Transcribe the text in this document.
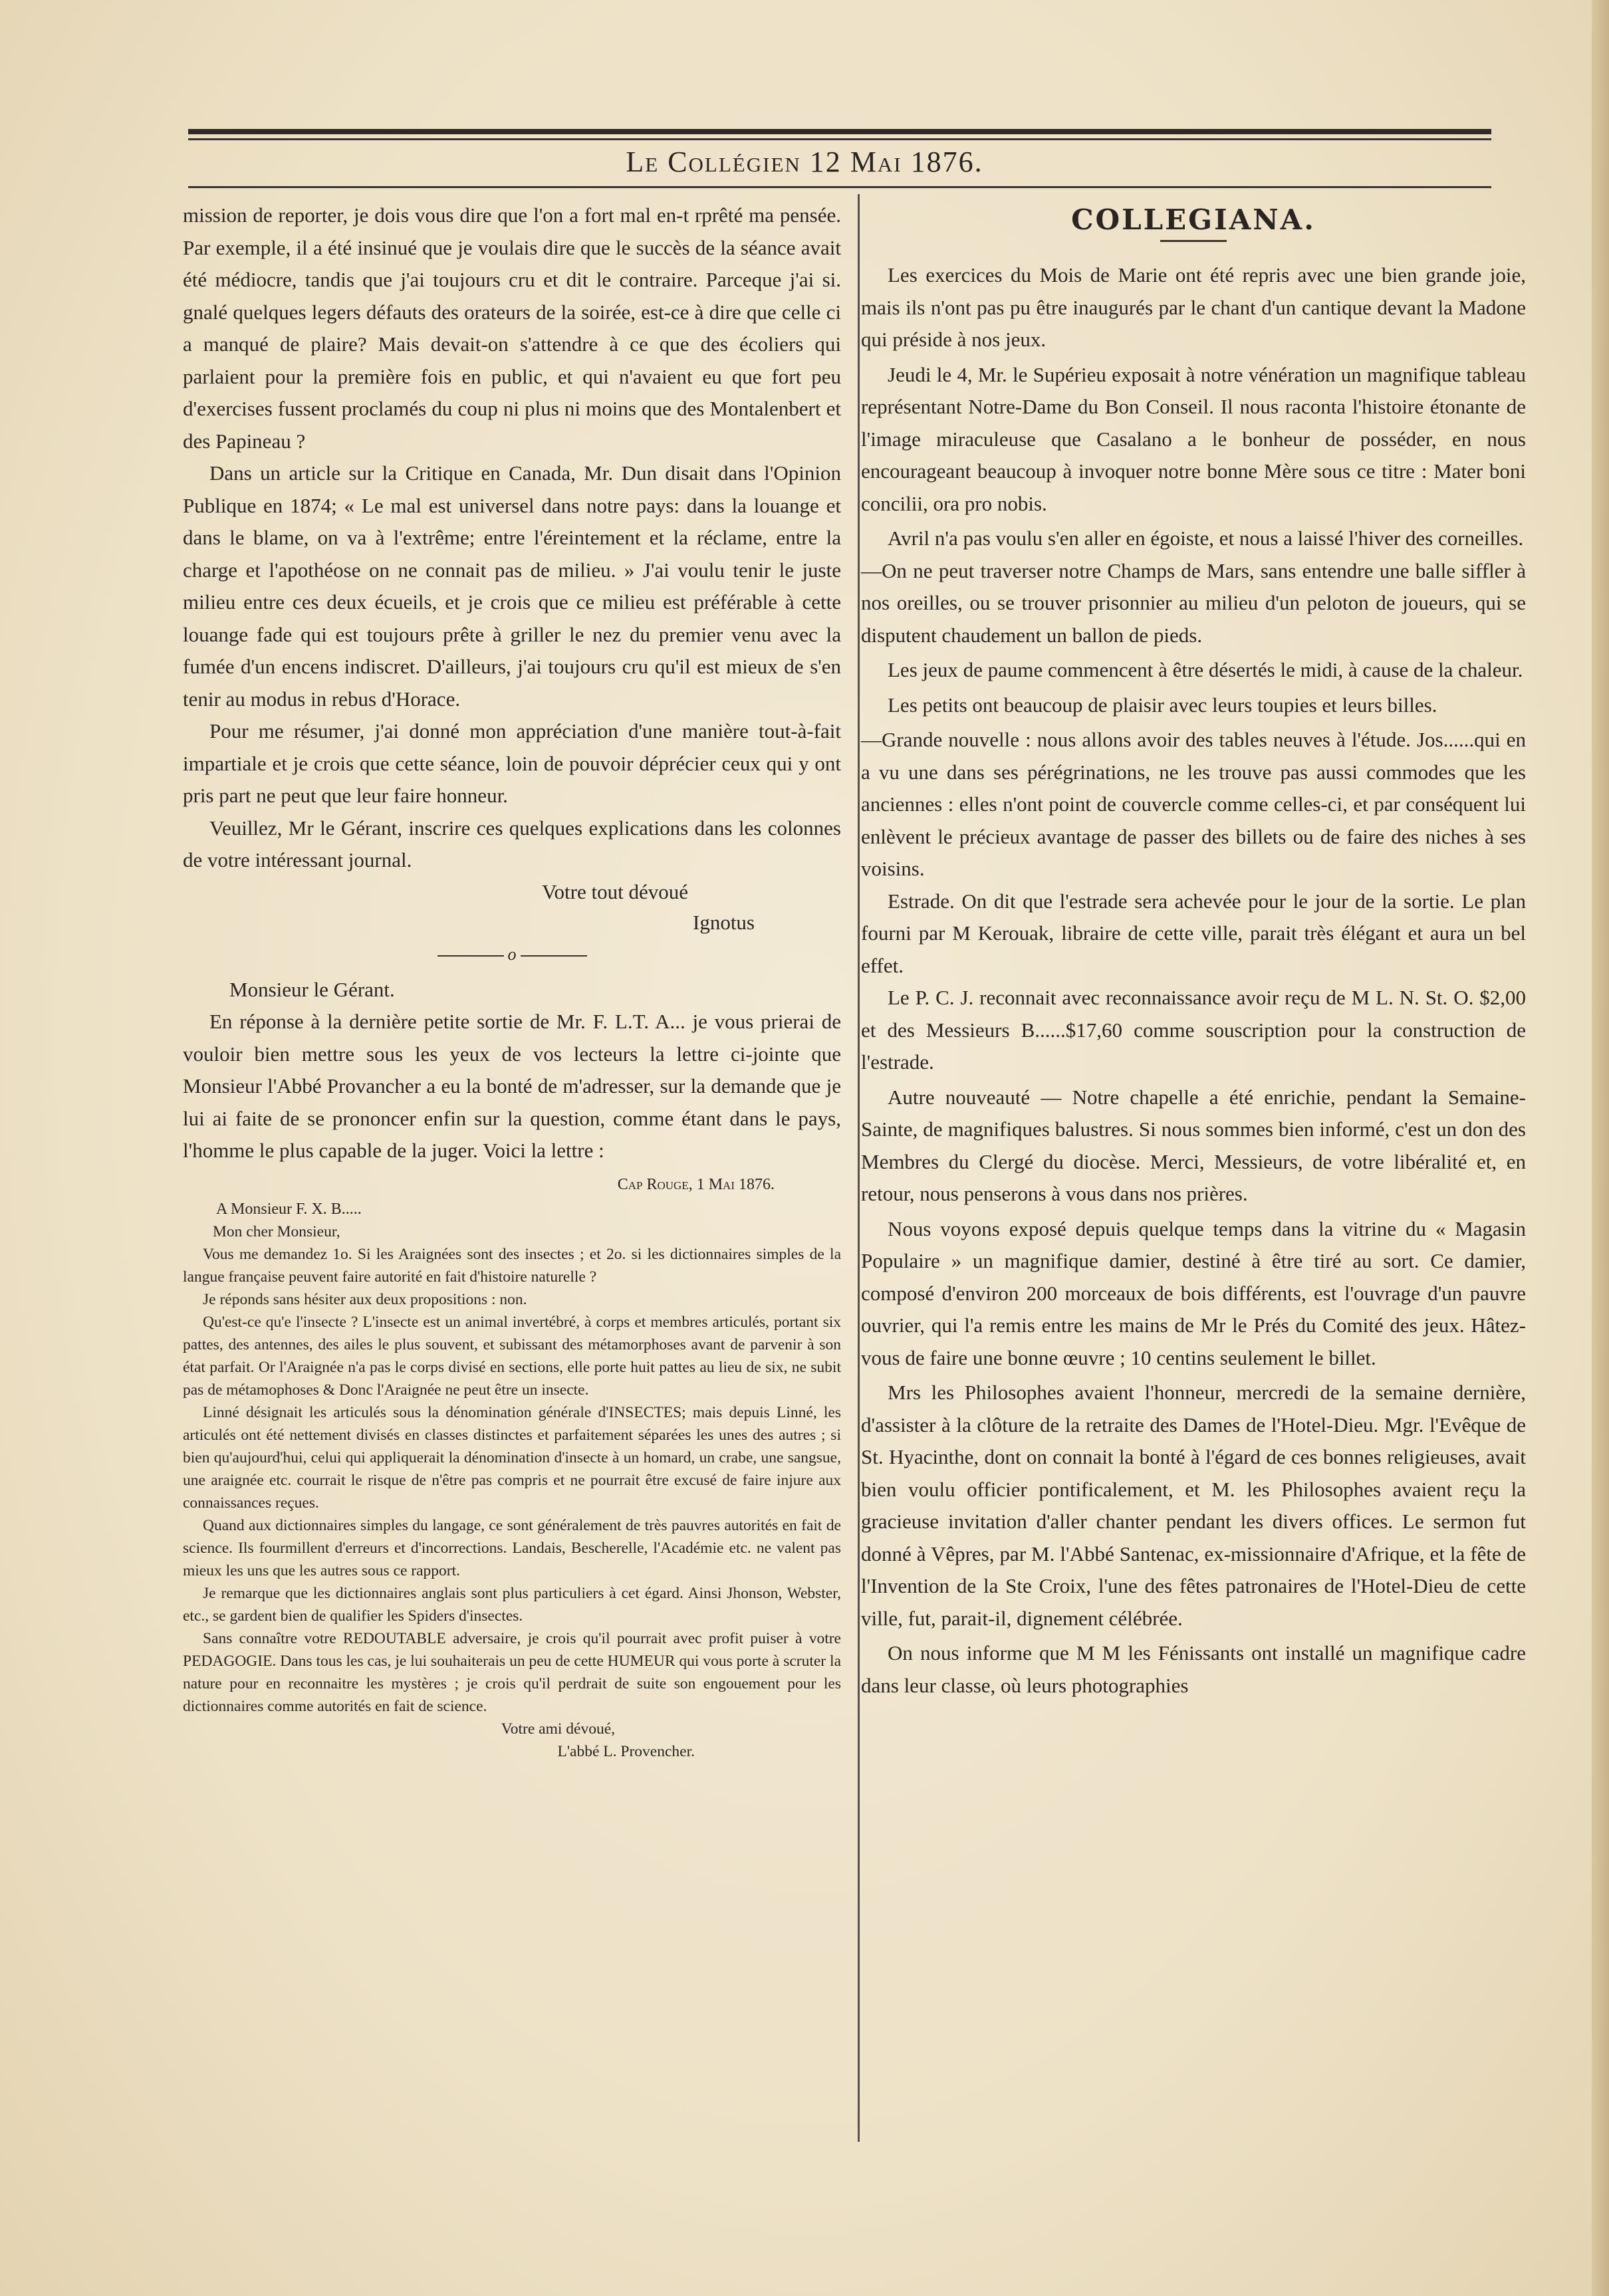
Le Collégien 12 Mai 1876.

mission de reporter, je dois vous dire que l'on a fort mal en-t rprêté ma pensée. Par exemple, il a été insinué que je voulais dire que le succès de la séance avait été médiocre, tandis que j'ai toujours cru et dit le contraire. Parceque j'ai si. gnalé quelques legers défauts des orateurs de la soirée, est-ce à dire que celle ci a manqué de plaire? Mais devait-on s'attendre à ce que des écoliers qui parlaient pour la première fois en public, et qui n'avaient eu que fort peu d'exercises fussent proclamés du coup ni plus ni moins que des Montalenbert et des Papineau ?

Dans un article sur la Critique en Canada, Mr. Dun disait dans l'Opinion Publique en 1874; « Le mal est universel dans notre pays: dans la louange et dans le blame, on va à l'extrême; entre l'éreintement et la réclame, entre la charge et l'apothéose on ne connait pas de milieu. » J'ai voulu tenir le juste milieu entre ces deux écueils, et je crois que ce milieu est préférable à cette louange fade qui est toujours prête à griller le nez du premier venu avec la fumée d'un encens indiscret. D'ailleurs, j'ai toujours cru qu'il est mieux de s'en tenir au modus in rebus d'Horace.

Pour me résumer, j'ai donné mon appréciation d'une manière tout-à-fait impartiale et je crois que cette séance, loin de pouvoir déprécier ceux qui y ont pris part ne peut que leur faire honneur.

Veuillez, Mr le Gérant, inscrire ces quelques explications dans les colonnes de votre intéressant journal.

Votre tout dévoué

Ignotus

o

Monsieur le Gérant.

En réponse à la dernière petite sortie de Mr. F. L.T. A... je vous prierai de vouloir bien mettre sous les yeux de vos lecteurs la lettre ci-jointe que Monsieur l'Abbé Provancher a eu la bonté de m'adresser, sur la demande que je lui ai faite de se prononcer enfin sur la question, comme étant dans le pays, l'homme le plus capable de la juger. Voici la lettre :

Cap Rouge, 1 Mai 1876.

A Monsieur F. X. B.....

Mon cher Monsieur,

Vous me demandez 1o. Si les Araignées sont des insectes ; et 2o. si les dictionnaires simples de la langue française peuvent faire autorité en fait d'histoire naturelle ?

Je réponds sans hésiter aux deux propositions : non.

Qu'est-ce qu'e l'insecte ? L'insecte est un animal invertébré, à corps et membres articulés, portant six pattes, des antennes, des ailes le plus souvent, et subissant des métamorphoses avant de parvenir à son état parfait. Or l'Araignée n'a pas le corps divisé en sections, elle porte huit pattes au lieu de six, ne subit pas de métamophoses & Donc l'Araignée ne peut être un insecte.

Linné désignait les articulés sous la dénomination générale d'INSECTES; mais depuis Linné, les articulés ont été nettement divisés en classes distinctes et parfaitement séparées les unes des autres ; si bien qu'aujourd'hui, celui qui appliquerait la dénomination d'insecte à un homard, un crabe, une sangsue, une araignée etc. courrait le risque de n'être pas compris et ne pourrait être excusé de faire injure aux connaissances reçues.

Quand aux dictionnaires simples du langage, ce sont généralement de très pauvres autorités en fait de science. Ils fourmillent d'erreurs et d'incorrections. Landais, Bescherelle, l'Académie etc. ne valent pas mieux les uns que les autres sous ce rapport.

Je remarque que les dictionnaires anglais sont plus particuliers à cet égard. Ainsi Jhonson, Webster, etc., se gardent bien de qualifier les Spiders d'insectes.

Sans connaître votre REDOUTABLE adversaire, je crois qu'il pourrait avec profit puiser à votre PEDAGOGIE. Dans tous les cas, je lui souhaiterais un peu de cette HUMEUR qui vous porte à scruter la nature pour en reconnaitre les mystères ; je crois qu'il perdrait de suite son engouement pour les dictionnaires comme autorités en fait de science.

Votre ami dévoué,

L'abbé L. Provencher.

COLLEGIANA.

Les exercices du Mois de Marie ont été repris avec une bien grande joie, mais ils n'ont pas pu être inaugurés par le chant d'un cantique devant la Madone qui préside à nos jeux.

Jeudi le 4, Mr. le Supérieu exposait à notre vénération un magnifique tableau représentant Notre-Dame du Bon Conseil. Il nous raconta l'histoire étonante de l'image miraculeuse que Casalano a le bonheur de posséder, en nous encourageant beaucoup à invoquer notre bonne Mère sous ce titre : Mater boni concilii, ora pro nobis.

Avril n'a pas voulu s'en aller en égoiste, et nous a laissé l'hiver des corneilles.

—On ne peut traverser notre Champs de Mars, sans entendre une balle siffler à nos oreilles, ou se trouver prisonnier au milieu d'un peloton de joueurs, qui se disputent chaudement un ballon de pieds.

Les jeux de paume commencent à être désertés le midi, à cause de la chaleur.

Les petits ont beaucoup de plaisir avec leurs toupies et leurs billes.

—Grande nouvelle : nous allons avoir des tables neuves à l'étude. Jos......qui en a vu une dans ses pérégrinations, ne les trouve pas aussi commodes que les anciennes : elles n'ont point de couvercle comme celles-ci, et par conséquent lui enlèvent le précieux avantage de passer des billets ou de faire des niches à ses voisins.

Estrade. On dit que l'estrade sera achevée pour le jour de la sortie. Le plan fourni par M Kerouak, libraire de cette ville, parait très élégant et aura un bel effet.

Le P. C. J. reconnait avec reconnaissance avoir reçu de M L. N. St. O. $2,00 et des Messieurs B......$17,60 comme souscription pour la construction de l'estrade.

Autre nouveauté — Notre chapelle a été enrichie, pendant la Semaine-Sainte, de magnifiques balustres. Si nous sommes bien informé, c'est un don des Membres du Clergé du diocèse. Merci, Messieurs, de votre libéralité et, en retour, nous penserons à vous dans nos prières.

Nous voyons exposé depuis quelque temps dans la vitrine du « Magasin Populaire » un magnifique damier, destiné à être tiré au sort. Ce damier, composé d'environ 200 morceaux de bois différents, est l'ouvrage d'un pauvre ouvrier, qui l'a remis entre les mains de Mr le Prés du Comité des jeux. Hâtez-vous de faire une bonne œuvre ; 10 centins seulement le billet.

Mrs les Philosophes avaient l'honneur, mercredi de la semaine dernière, d'assister à la clôture de la retraite des Dames de l'Hotel-Dieu. Mgr. l'Evêque de St. Hyacinthe, dont on connait la bonté à l'égard de ces bonnes religieuses, avait bien voulu officier pontificalement, et M. les Philosophes avaient reçu la gracieuse invitation d'aller chanter pendant les divers offices. Le sermon fut donné à Vêpres, par M. l'Abbé Santenac, ex-missionnaire d'Afrique, et la fête de l'Invention de la Ste Croix, l'une des fêtes patronaires de l'Hotel-Dieu de cette ville, fut, parait-il, dignement célébrée.

On nous informe que M M les Fénissants ont installé un magnifique cadre dans leur classe, où leurs photographies
